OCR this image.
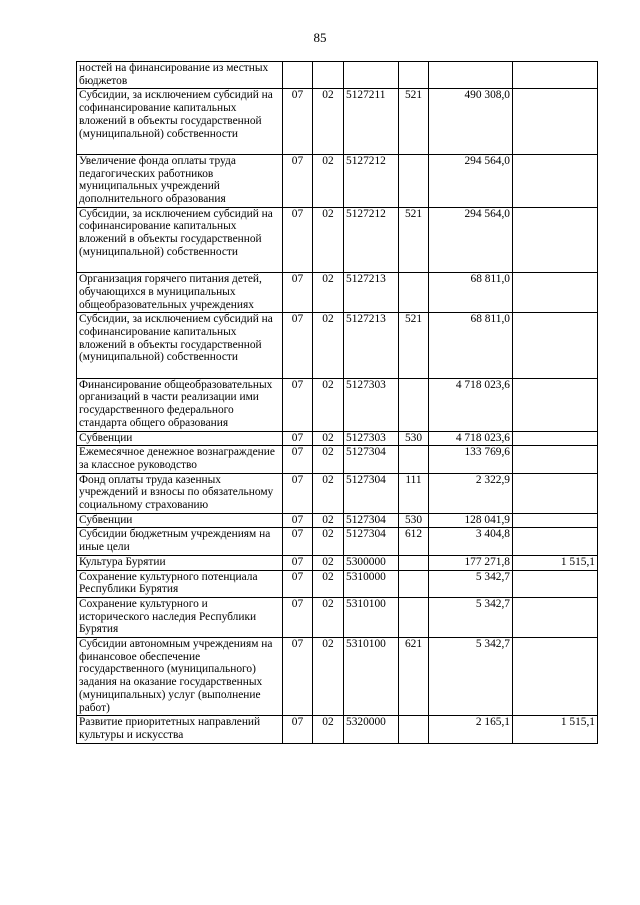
85
ностей на финансирование из местных бюджетов						
Субсидии, за исключением субсидий на софинансирование капитальных вложений в объекты государственной (муниципальной) собственности	07	02	5127211	521	490 308,0	
Увеличение фонда оплаты труда педагогических работников муниципальных учреждений дополнительного образования	07	02	5127212		294 564,0	
Субсидии, за исключением субсидий на софинансирование капитальных вложений в объекты государственной (муниципальной) собственности	07	02	5127212	521	294 564,0	
Организация горячего питания детей, обучающихся в муниципальных общеобразовательных учреждениях	07	02	5127213		68 811,0	
Субсидии, за исключением субсидий на софинансирование капитальных вложений в объекты государственной (муниципальной) собственности	07	02	5127213	521	68 811,0	
Финансирование общеобразовательных организаций в части реализации ими государственного федерального стандарта общего образования	07	02	5127303		4 718 023,6	
Субвенции	07	02	5127303	530	4 718 023,6	
Ежемесячное денежное вознаграждение за классное руководство	07	02	5127304		133 769,6	
Фонд оплаты труда казенных учреждений и взносы по обязательному социальному страхованию	07	02	5127304	111	2 322,9	
Субвенции	07	02	5127304	530	128 041,9	
Субсидии бюджетным учреждениям на иные цели	07	02	5127304	612	3 404,8	
Культура Бурятии	07	02	5300000		177 271,8	1 515,1
Сохранение культурного потенциала Республики Бурятия	07	02	5310000		5 342,7	
Сохранение культурного и исторического наследия Республики Бурятия	07	02	5310100		5 342,7	
Субсидии автономным учреждениям на финансовое обеспечение государственного (муниципального) задания на оказание государственных (муниципальных) услуг (выполнение работ)	07	02	5310100	621	5 342,7	
Развитие приоритетных направлений культуры и искусства	07	02	5320000		2 165,1	1 515,1
